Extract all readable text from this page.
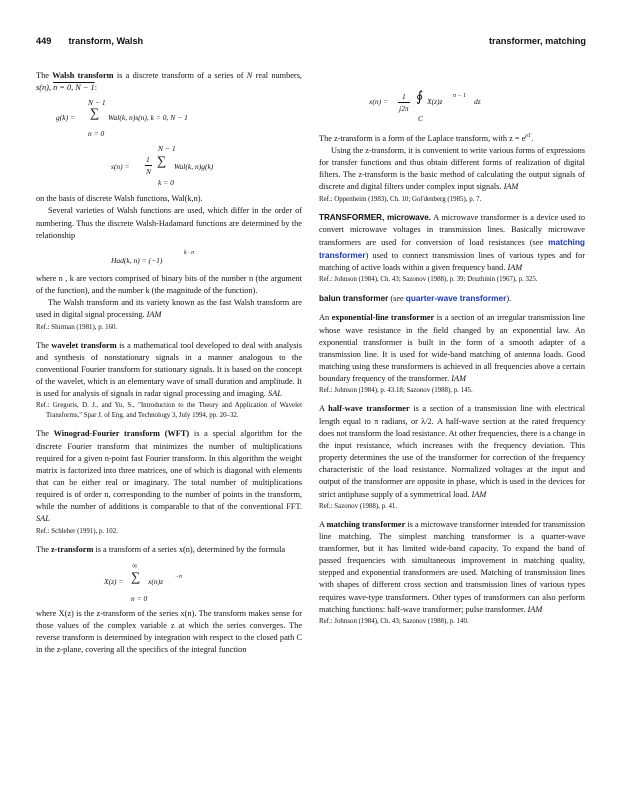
449 transform, Walsh	transformer, matching

The Walsh transform is a discrete transform of a series of N real numbers, s(n), n = 0, N − 1:

N − 1
g(k) = ∑ Wal(k, n)s(n), k = 0, N − 1
n = 0
N − 1
s(n) =
1
N
∑ Wal(k, n)g(k)
k = 0

on the basis of discrete Walsh functions, Wal(k,n).

Several varieties of Walsh functions are used, which differ in the order of numbering. Thus the discrete Walsh-Hadamard functions are determined by the relationship

Had(k, n) = (−1)
k · n

where n , k are vectors comprised of binary bits of the number n (the argument of the function), and the number k (the magnitude of the function).

The Walsh transform and its variety known as the fast Walsh transform are used in digital signal processing. IAM

Ref.: Shirman (1981), p. 160.

The wavelet transform is a mathematical tool developed to deal with analysis and synthesis of nonstationary signals in a manner analogous to the conventional Fourier transform for stationary signals. It is based on the concept of the wavelet, which is an elementary wave of small duration and amplitude. It is used for analysis of signals in radar signal processing and imaging. SAL

Ref.: Gregoris, D. J., and Yu, S., "Introduction to the Theory and Application of Wavelet Transforms," Spar J. of Eng. and Technology 3, July 1994, pp. 20–32.

The Winograd-Fourier transform (WFT) is a special algorithm for the discrete Fourier transform that minimizes the number of multiplications required for a given n-point fast Fourier transform. In this algorithm the weight matrix is factorized into three matrices, one of which is diagonal with elements that can be either real or imaginary. The total number of multiplications required is of order n, corresponding to the number of points in the transform, while the number of additions is comparable to that of the conventional FFT. SAL

Ref.: Schleher (1991), p. 102.

The z-transform is a transform of a series x(n), determined by the formula

∞
X(z) = ∑ x(n)z −n
n = 0

where X(z) is the z-transform of the series x(n). The transform makes sense for those values of the complex variable z at which the series converges. The reverse transform is determined by integration with respect to the closed path C in the z-plane, covering all the specifics of the integral function

x(n) =
1
j2π
∮ X(z)z
n − 1
dz
C

The z-transform is a form of the Laplace transform, with $z = e^{pT}$.

Using the z-transform, it is convenient to write various forms of expressions for transfer functions and thus obtain different forms of realization of digital filters. The z-transform is the basic method of calculating the output signals of discrete and digital filters under complex input signals. IAM

Ref.: Oppenheim (1983), Ch. 10; Gol'denberg (1985), p. 7.

TRANSFORMER, microwave. A microwave transformer is a device used to convert microwave voltages in transmission lines. Basically microwave transformers are used for conversion of load resistances (see matching transformer) used to connect transmission lines of various types and for matching of active loads within a given frequency band. IAM

Ref.: Johnson (1984), Ch. 43; Sazonov (1988), p. 39; Druzhinin (1967), p. 325.

balun transformer (see quarter-wave transformer).

An exponential-line transformer is a section of an irregular transmission line whose wave resistance in the field changed by an exponential law. An exponential transformer is built in the form of a smooth adapter of a transmission line. It is used for wide-band matching of antenna loads. Good matching using these transformers is achieved in all frequencies above a certain boundary frequency of the transformer. IAM

Ref.: Johnson (1984), p. 43.18; Sazonov (1988), p. 145.

A half-wave transformer is a section of a transmission line with electrical length equal to π radians, or λ/2. A half-wave section at the rated frequency does not transform the load resistance. At other frequencies, there is a change in the input resistance, which increases with the frequency deviation. This property determines the use of the transformer for correction of the frequency characteristic of the load resistance. Normalized voltages at the input and output of the transformer are opposite in phase, which is used in the devices for strict antiphase supply of a symmetrical load. IAM

Ref.: Sazonov (1988), p. 41.

A matching transformer is a microwave transformer intended for transmission line matching. The simplest matching transformer is a quarter-wave transformer, but it has limited wide-band capacity. To expand the band of passed frequencies with simultaneous improvement in matching quality, stepped and exponential transformers are used. Matching of transmission lines with shapes of different cross section and transmission lines of various types requires wave-type transformers. Other types of transformers can also perform matching functions: half-wave transformer; pulse transformer. IAM

Ref.: Johnson (1984), Ch. 43; Sazonov (1988), p. 140.
